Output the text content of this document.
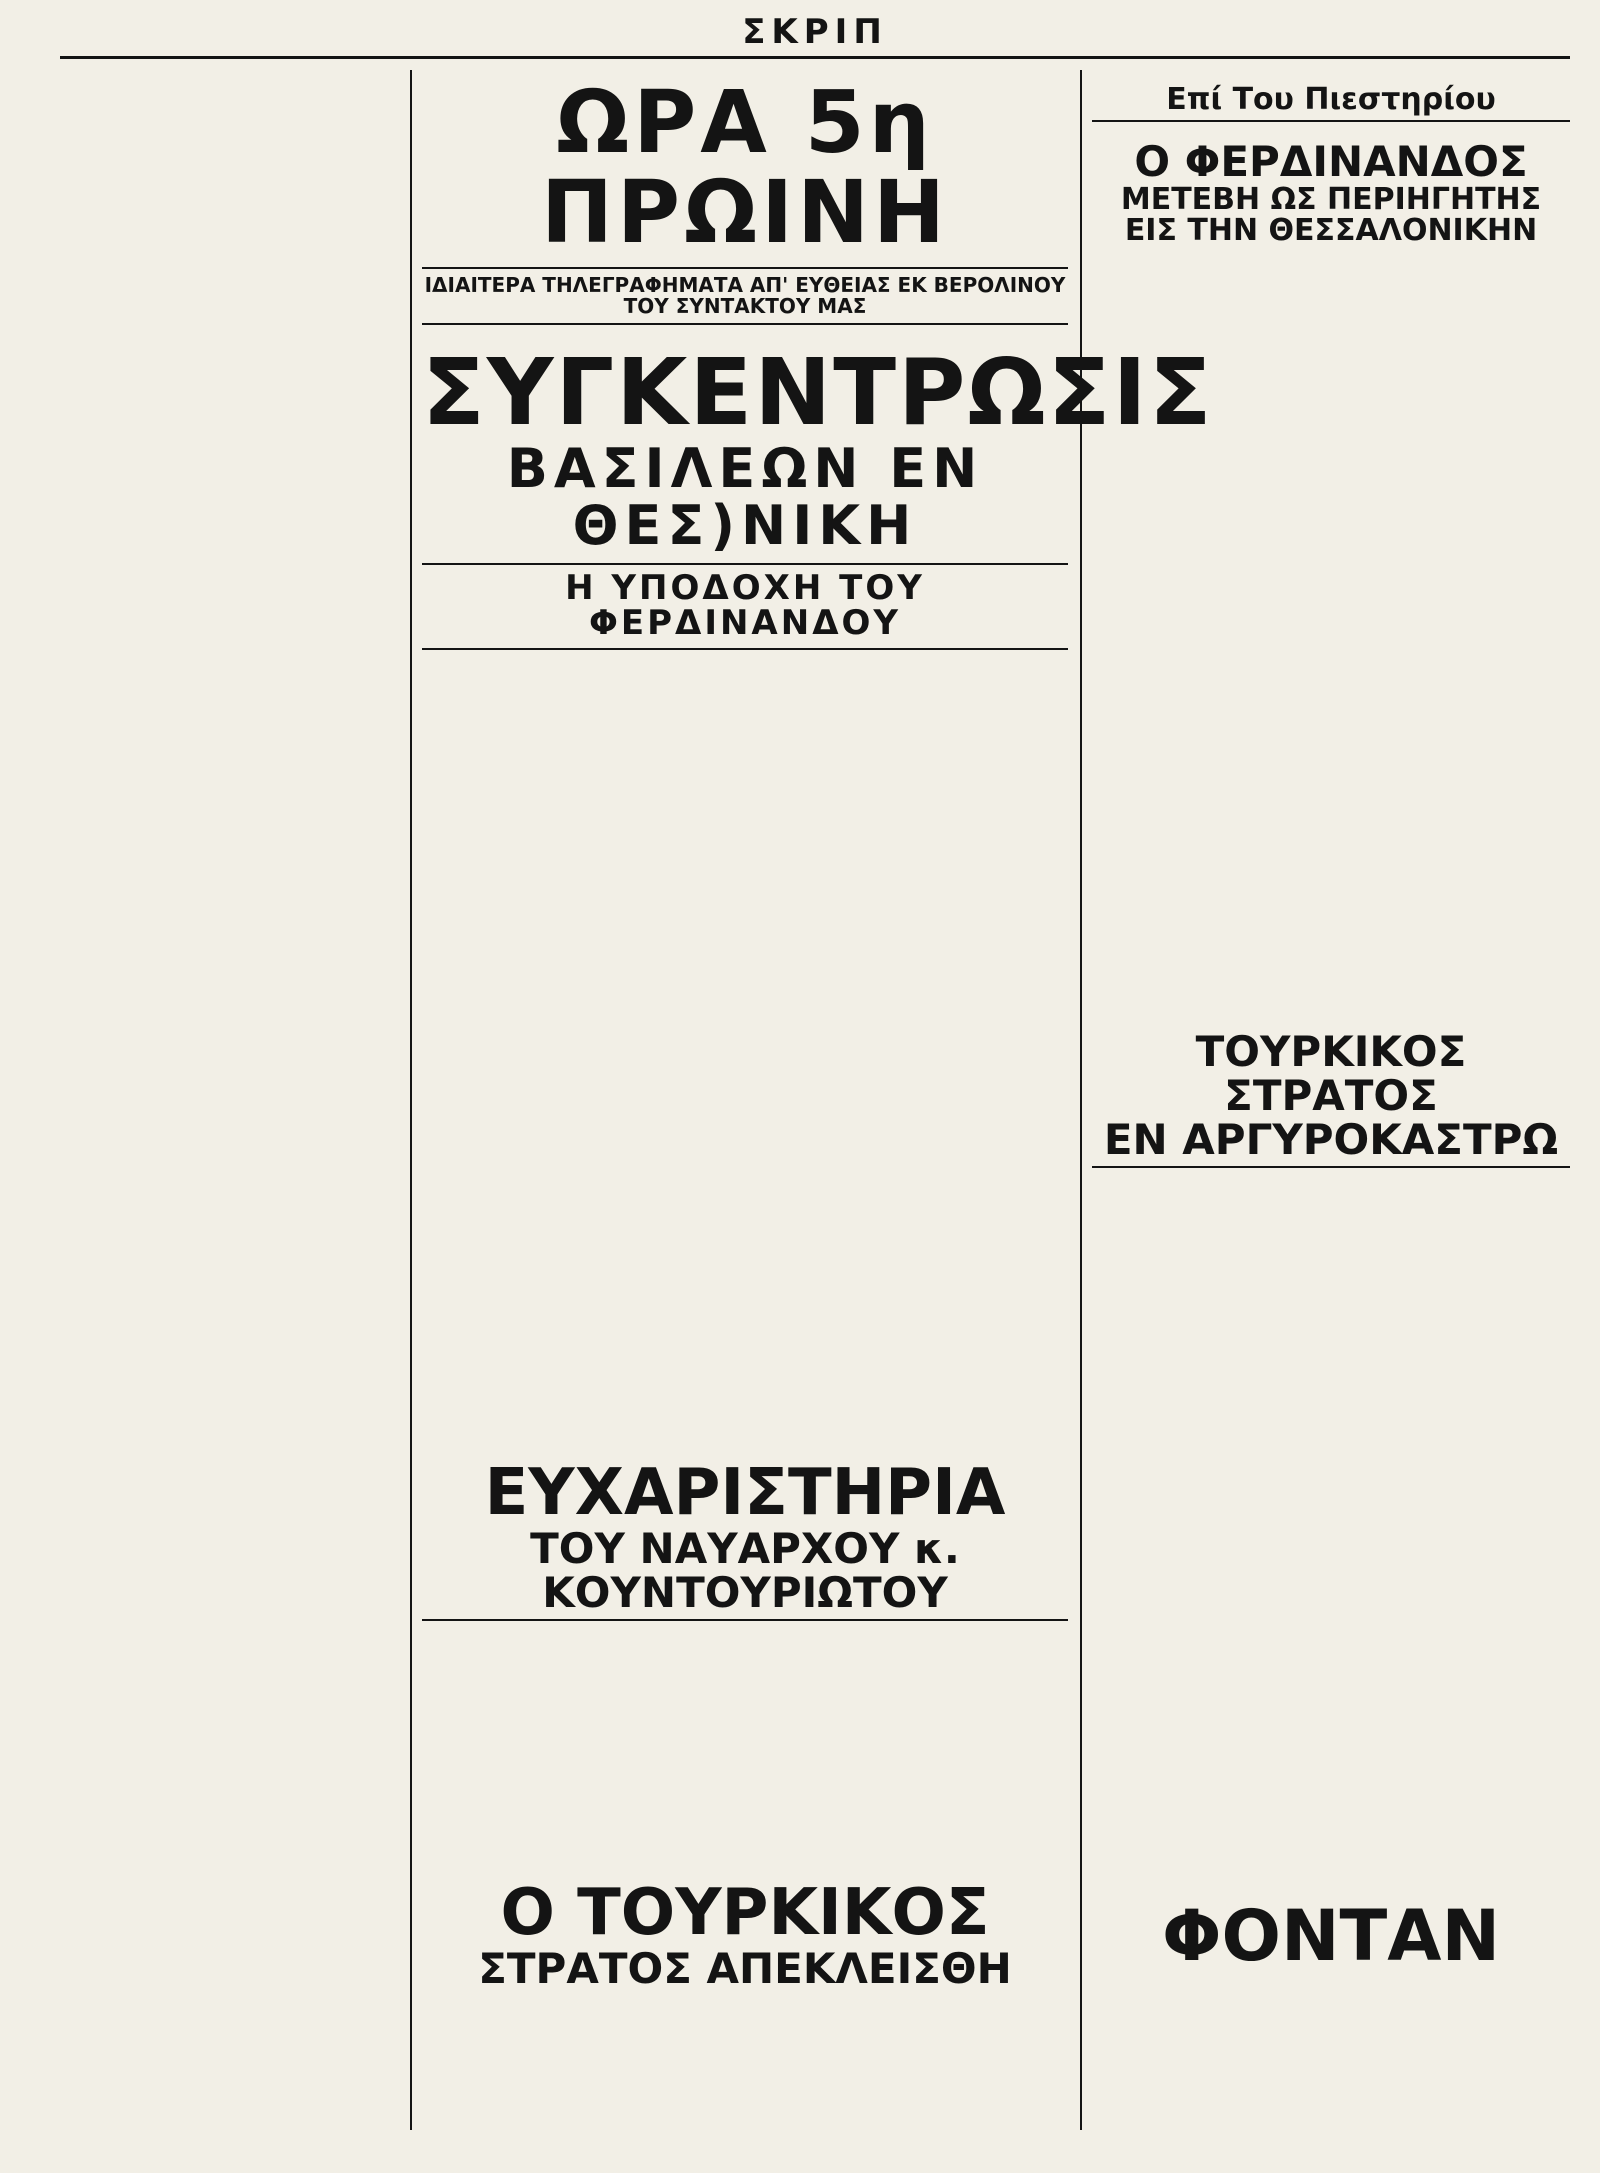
ΣΚΡΙΠ
ΩΡΑ 5η ΠΡΩΙΝΗ
ΙΔΙΑΙΤΕΡΑ ΤΗΛΕΓΡΑΦΗΜΑΤΑ ΑΠ' ΕΥΘΕΙΑΣ ΕΚ ΒΕΡΟΛΙΝΟΥ ΤΟΥ ΣΥΝΤΑΚΤΟΥ ΜΑΣ
ΣΥΓΚΕΝΤΡΩΣΙΣ
ΒΑΣΙΛΕΩΝ ΕΝ ΘΕΣ)ΝΙΚΗ
Η ΥΠΟΔΟΧΗ ΤΟΥ ΦΕΡΔΙΝΑΝΔΟΥ
ΕΥΧΑΡΙΣΤΗΡΙΑ
ΤΟΥ ΝΑΥΑΡΧΟΥ κ. ΚΟΥΝΤΟΥΡΙΩΤΟΥ
Ο ΤΟΥΡΚΙΚΟΣ
ΣΤΡΑΤΟΣ ΑΠΕΚΛΕΙΣΘΗ
Επί Του Πιεστηρίου
Ο ΦΕΡΔΙΝΑΝΔΟΣ
ΜΕΤΕΒΗ ΩΣ ΠΕΡΙΗΓΗΤΗΣ
ΕΙΣ ΤΗΝ ΘΕΣΣΑΛΟΝΙΚΗΝ
ΤΟΥΡΚΙΚΟΣ ΣΤΡΑΤΟΣ
ΕΝ ΑΡΓΥΡΟΚΑΣΤΡΩ
ΦΟΝΤΑΝ
